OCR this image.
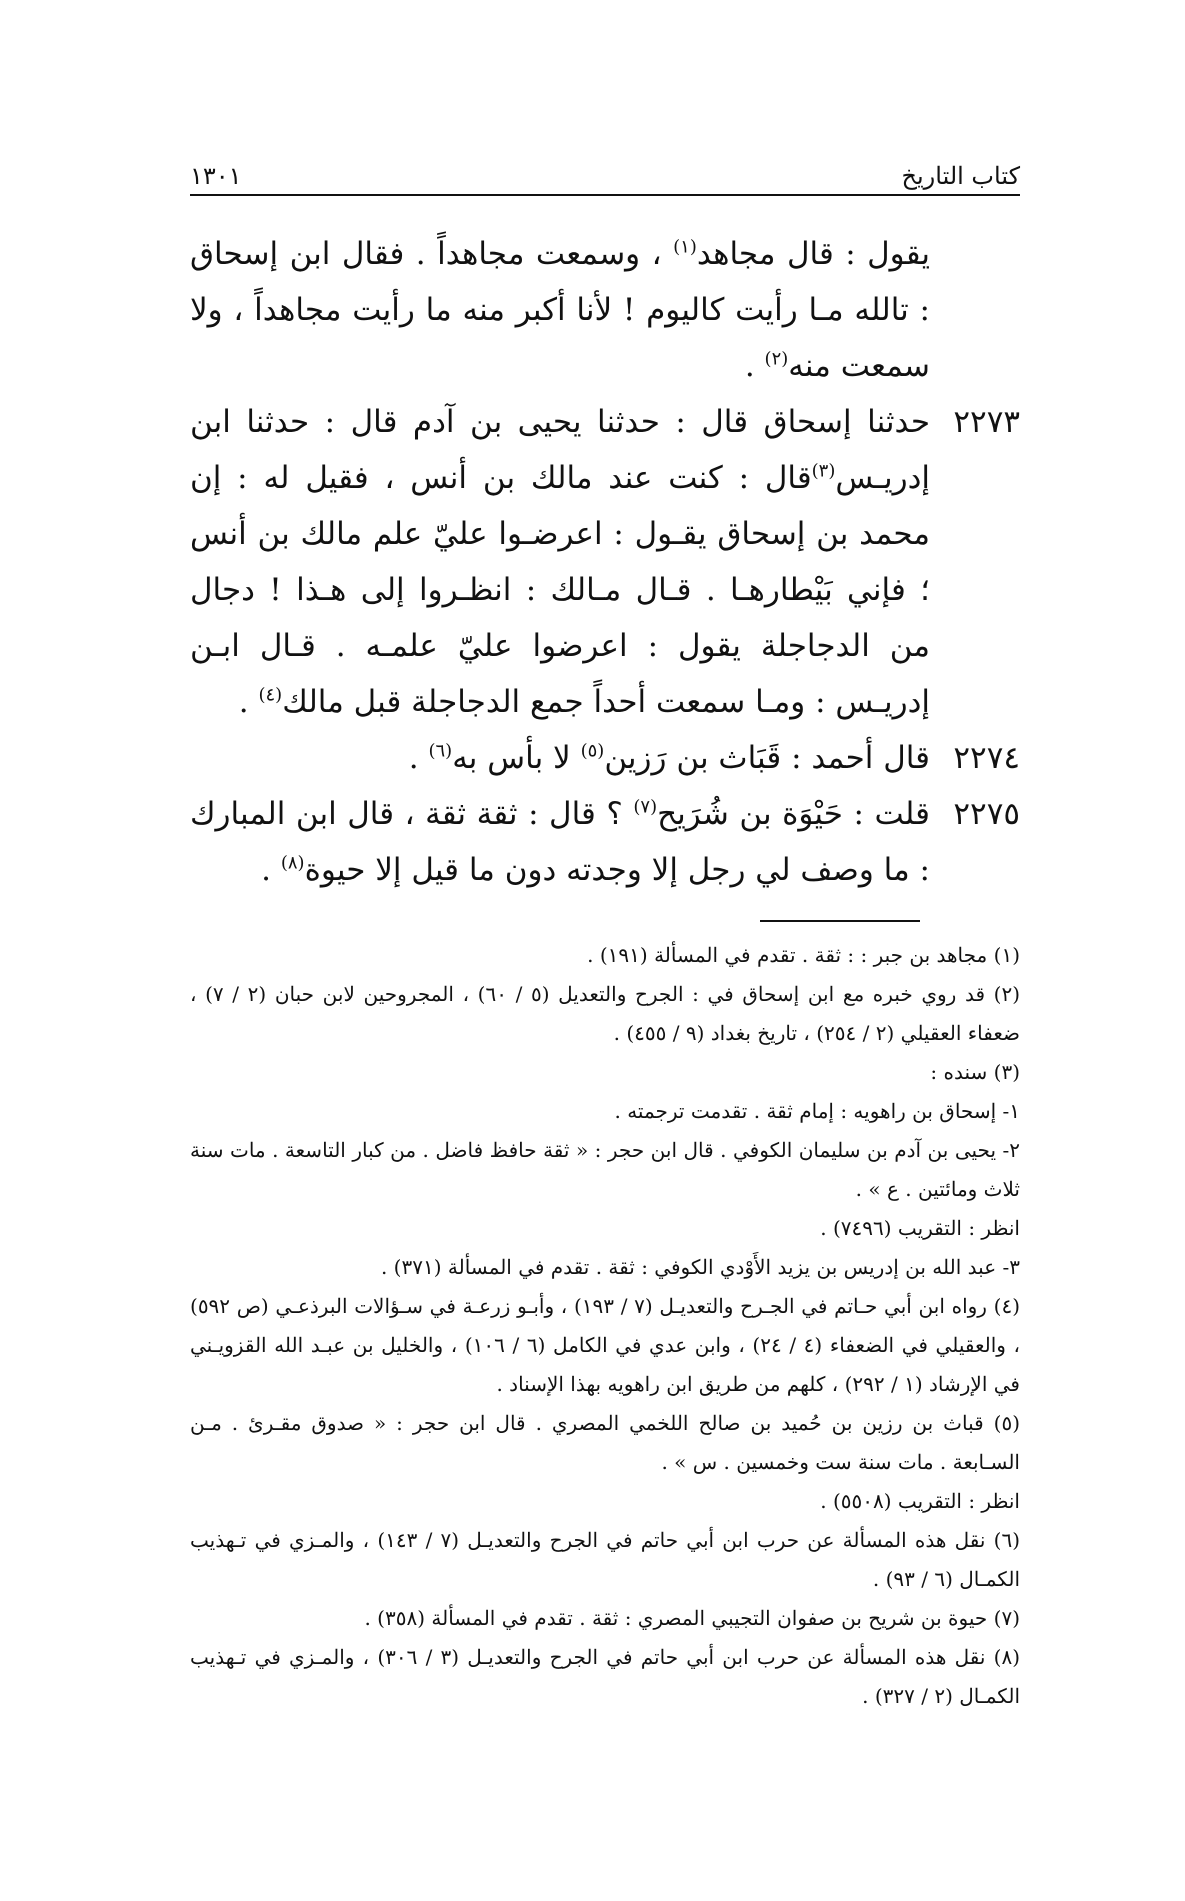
كتاب التاريخ
١٣٠١
يقول : قال مجاهد$^{(١)}$ ، وسمعت مجاهداً . فقال ابن إسحاق : تالله مـا رأيت كاليوم ! لأنا أكبر منه ما رأيت مجاهداً ، ولا سمعت منه$^{(٢)}$ .
٢٢٧٣
حدثنا إسحاق قال : حدثنا يحيى بن آدم قال : حدثنا ابن إدريـس$^{(٣)}$قال : كنت عند مالك بن أنس ، فقيل له : إن محمد بن إسحاق يقـول : اعرضـوا عليّ علم مالك بن أنس ؛ فإني بَيْطارهـا . قـال مـالك : انظـروا إلى هـذا ! دجال من الدجاجلة يقول : اعرضوا عليّ علمـه . قـال ابـن إدريـس : ومـا سمعت أحداً جمع الدجاجلة قبل مالك$^{(٤)}$ .
٢٢٧٤
قال أحمد : قَبَاث بن رَزين$^{(٥)}$ لا بأس به$^{(٦)}$ .
٢٢٧٥
قلت : حَيْوَة بن شُرَيح$^{(٧)}$ ؟ قال : ثقة ثقة ، قال ابن المبارك : ما وصف لي رجل إلا وجدته دون ما قيل إلا حيوة$^{(٨)}$ .
(١) مجاهد بن جبر : : ثقة . تقدم في المسألة (١٩١) .
(٢) قد روي خبره مع ابن إسحاق في : الجرح والتعديل (٥ / ٦٠) ، المجروحين لابن حبان (٢ / ٧) ، ضعفاء العقيلي (٢ / ٢٥٤) ، تاريخ بغداد (٩ / ٤٥٥) .
(٣) سنده :
١- إسحاق بن راهويه : إمام ثقة . تقدمت ترجمته .
٢- يحيى بن آدم بن سليمان الكوفي . قال ابن حجر : « ثقة حافظ فاضل . من كبار التاسعة . مات سنة ثلاث ومائتين . ع » .
انظر : التقريب (٧٤٩٦) .
٣- عبد الله بن إدريس بن يزيد الأَوْدي الكوفي : ثقة . تقدم في المسألة (٣٧١) .
(٤) رواه ابن أبي حـاتم في الجـرح والتعديـل (٧ / ١٩٣) ، وأبـو زرعـة في سـؤالات البرذعـي (ص ٥٩٢) ، والعقيلي في الضعفاء (٤ / ٢٤) ، وابن عدي في الكامل (٦ / ١٠٦) ، والخليل بن عبـد الله القزويـني في الإرشاد (١ / ٢٩٢) ، كلهم من طريق ابن راهويه بهذا الإسناد .
(٥) قباث بن رزين بن حُميد بن صالح اللخمي المصري . قال ابن حجر : « صدوق مقـرئ . مـن السـابعة . مات سنة ست وخمسين . س » .
انظر : التقريب (٥٥٠٨) .
(٦) نقل هذه المسألة عن حرب ابن أبي حاتم في الجرح والتعديـل (٧ / ١٤٣) ، والمـزي في تـهذيب الكمـال (٦ / ٩٣) .
(٧) حيوة بن شريح بن صفوان التجيبي المصري : ثقة . تقدم في المسألة (٣٥٨) .
(٨) نقل هذه المسألة عن حرب ابن أبي حاتم في الجرح والتعديـل (٣ / ٣٠٦) ، والمـزي في تـهذيب الكمـال (٢ / ٣٢٧) .
